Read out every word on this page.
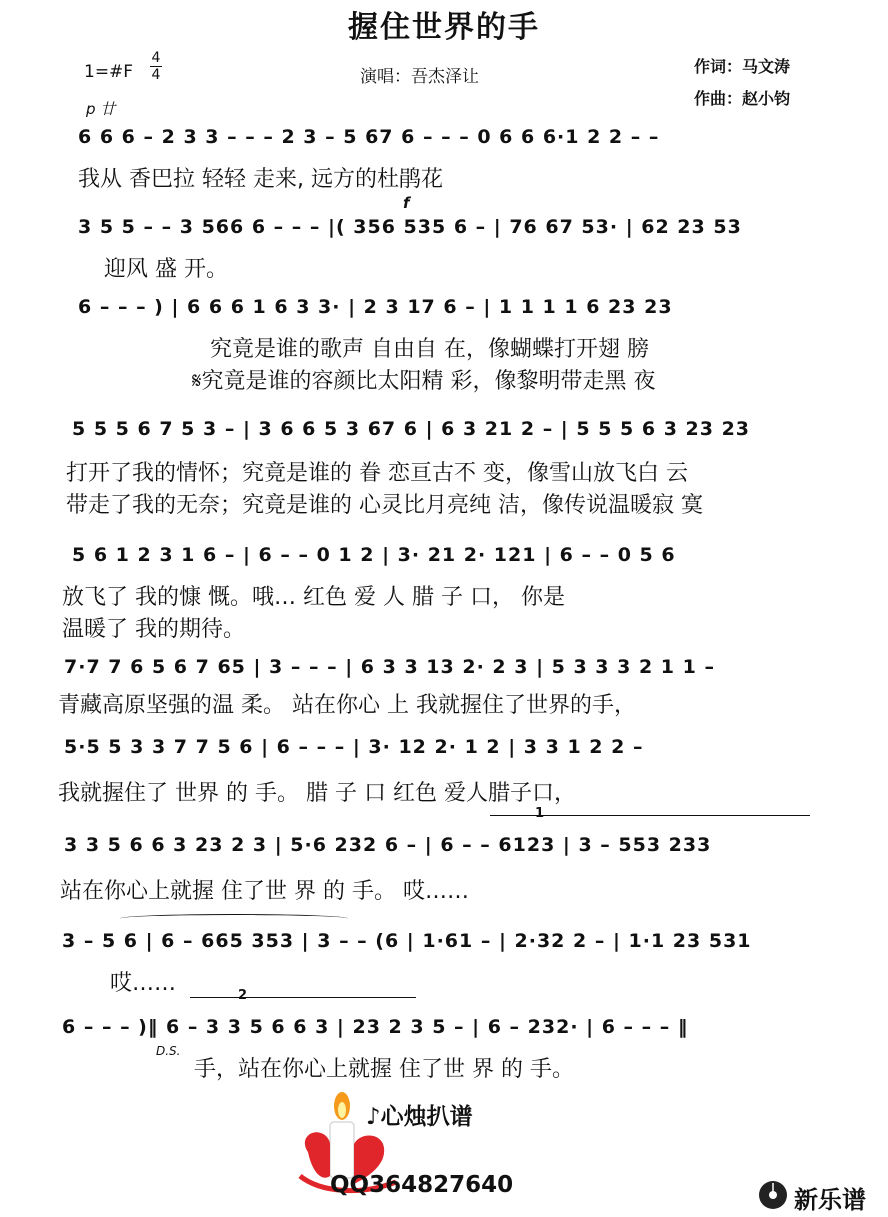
握住世界的手
1=#F
4
4	演唱：吾杰泽让
作词：马文涛
作曲：赵小钧
p 廿
6 6 6 – 2 3 3 – – – 2 3 – 5 67 6 – – – 0 6 6 6·1 2 2 – –
我从 香巴拉 轻轻 走来, 远方的杜鹃花
f
3 5 5 – – 3 566 6 – – – |( 356 535 6 – | 76 67 53· | 62 23 53
迎风 盛 开。
6 – – – ) | 6 6 6 1 6 3 3· | 2 3 17 6 – | 1 1 1 1 6 23 23
究竟是谁的歌声 自由自 在，像蝴蝶打开翅 膀
𝄋究竟是谁的容颜比太阳精 彩，像黎明带走黑 夜
5 5 5 6 7 5 3 – | 3 6 6 5 3 67 6 | 6 3 21 2 – | 5 5 5 6 3 23 23
打开了我的情怀；究竟是谁的 眷 恋亘古不 变，像雪山放飞白 云
带走了我的无奈；究竟是谁的 心灵比月亮纯 洁，像传说温暖寂 寞
5 6 1 2 3 1 6 – | 6 – – 0 1 2 | 3· 21 2· 121 | 6 – – 0 5 6
放飞了 我的慷 慨。哦… 红色 爱 人 腊 子 口， 你是
温暖了 我的期待。
7·7 7 6 5 6 7 65 | 3 – – – | 6 3 3 13 2· 2 3 | 5 3 3 3 2 1 1 –
青藏高原坚强的温 柔。 站在你心 上 我就握住了世界的手，
5·5 5 3 3 7 7 5 6 | 6 – – – | 3· 12 2· 1 2 | 3 3 1 2 2 –
我就握住了 世界 的 手。 腊 子 口 红色 爱人腊子口，
1
3 3 5 6 6 3 23 2 3 | 5·6 232 6 – | 6 – – 6123 | 3 – 553 233
站在你心上就握 住了世 界 的 手。 哎……
3 – 5 6 | 6 – 665 353 | 3 – – (6 | 1·61 – | 2·32 2 – | 1·1 23 531
哎……	2
6 – – – )‖ 6 – 3 3 5 6 6 3 | 23 2 3 5 – | 6 – 232· | 6 – – – ‖
D.S.
手，站在你心上就握 住了世 界 的 手。
♪心烛扒谱
QQ364827640
新乐谱
